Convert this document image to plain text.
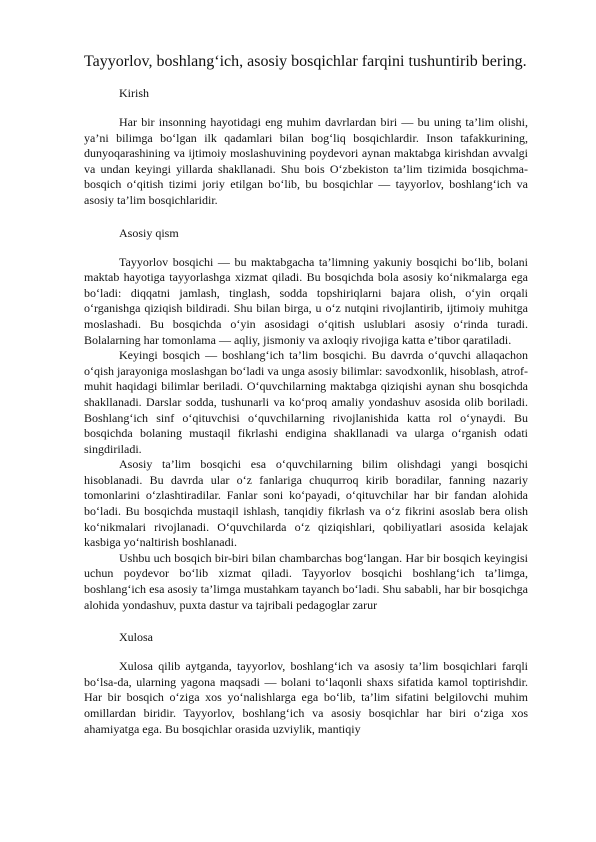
Tayyorlov, boshlang‘ich, asosiy bosqichlar farqini tushuntirib bering.

Kirish

Har bir insonning hayotidagi eng muhim davrlardan biri — bu uning ta’lim olishi, ya’ni bilimga bo‘lgan ilk qadamlari bilan bog‘liq bosqichlardir. Inson tafakkurining, dunyoqarashining va ijtimoiy moslashuvining poydevori aynan maktabga kirishdan avvalgi va undan keyingi yillarda shakllanadi. Shu bois O‘zbekiston ta’lim tizimida bosqichma-bosqich o‘qitish tizimi joriy etilgan bo‘lib, bu bosqichlar — tayyorlov, boshlang‘ich va asosiy ta’lim bosqichlaridir.

Asosiy qism

Tayyorlov bosqichi — bu maktabgacha ta’limning yakuniy bosqichi bo‘lib, bolani maktab hayotiga tayyorlashga xizmat qiladi. Bu bosqichda bola asosiy ko‘nikmalarga ega bo‘ladi: diqqatni jamlash, tinglash, sodda topshiriqlarni bajara olish, o‘yin orqali o‘rganishga qiziqish bildiradi. Shu bilan birga, u o‘z nutqini rivojlantirib, ijtimoiy muhitga moslashadi. Bu bosqichda o‘yin asosidagi o‘qitish uslublari asosiy o‘rinda turadi. Bolalarning har tomonlama — aqliy, jismoniy va axloqiy rivojiga katta e’tibor qaratiladi.

Keyingi bosqich — boshlang‘ich ta’lim bosqichi. Bu davrda o‘quvchi allaqachon o‘qish jarayoniga moslashgan bo‘ladi va unga asosiy bilimlar: savodxonlik, hisoblash, atrof-muhit haqidagi bilimlar beriladi. O‘quvchilarning maktabga qiziqishi aynan shu bosqichda shakllanadi. Darslar sodda, tushunarli va ko‘proq amaliy yondashuv asosida olib boriladi. Boshlang‘ich sinf o‘qituvchisi o‘quvchilarning rivojlanishida katta rol o‘ynaydi. Bu bosqichda bolaning mustaqil fikrlashi endigina shakllanadi va ularga o‘rganish odati singdiriladi.

Asosiy ta’lim bosqichi esa o‘quvchilarning bilim olishdagi yangi bosqichi hisoblanadi. Bu davrda ular o‘z fanlariga chuqurroq kirib boradilar, fanning nazariy tomonlarini o‘zlashtiradilar. Fanlar soni ko‘payadi, o‘qituvchilar har bir fandan alohida bo‘ladi. Bu bosqichda mustaqil ishlash, tanqidiy fikrlash va o‘z fikrini asoslab bera olish ko‘nikmalari rivojlanadi. O‘quvchilarda o‘z qiziqishlari, qobiliyatlari asosida kelajak kasbiga yo‘naltirish boshlanadi.

Ushbu uch bosqich bir-biri bilan chambarchas bog‘langan. Har bir bosqich keyingisi uchun poydevor bo‘lib xizmat qiladi. Tayyorlov bosqichi boshlang‘ich ta’limga, boshlang‘ich esa asosiy ta’limga mustahkam tayanch bo‘ladi. Shu sababli, har bir bosqichga alohida yondashuv, puxta dastur va tajribali pedagoglar zarur

Xulosa

Xulosa qilib aytganda, tayyorlov, boshlang‘ich va asosiy ta’lim bosqichlari farqli bo‘lsa-da, ularning yagona maqsadi — bolani to‘laqonli shaxs sifatida kamol toptirishdir. Har bir bosqich o‘ziga xos yo‘nalishlarga ega bo‘lib, ta’lim sifatini belgilovchi muhim omillardan biridir. Tayyorlov, boshlang‘ich va asosiy bosqichlar har biri o‘ziga xos ahamiyatga ega. Bu bosqichlar orasida uzviylik, mantiqiy
